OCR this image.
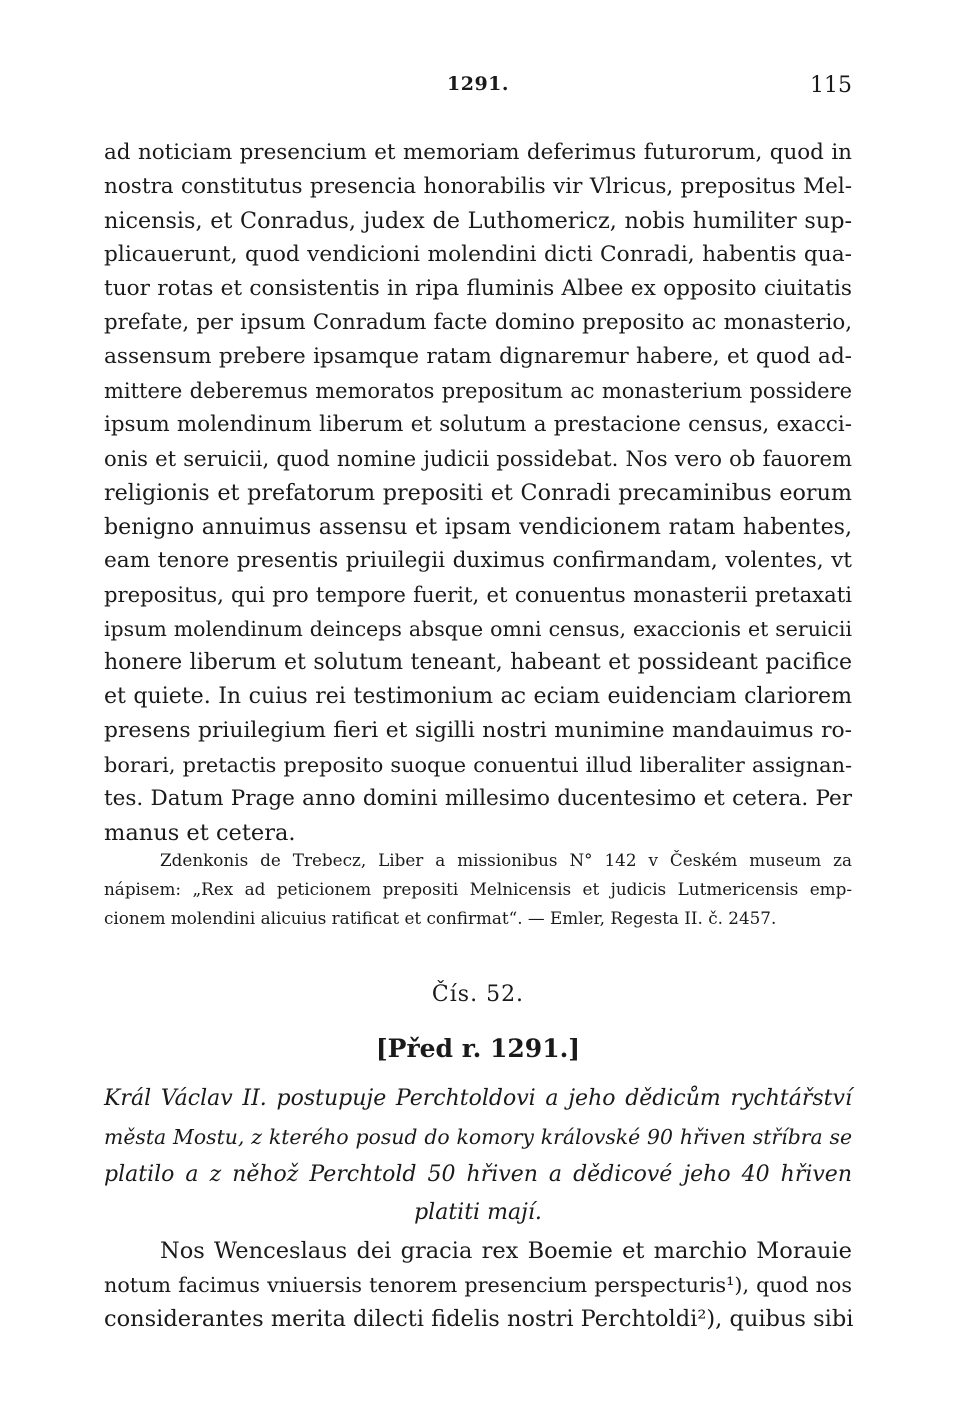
1291.	115
ad noticiam presencium et memoriam deferimus futurorum, quod in
nostra constitutus presencia honorabilis vir Vlricus, prepositus Mel-
nicensis, et Conradus, judex de Luthomericz, nobis humiliter sup-
plicauerunt, quod vendicioni molendini dicti Conradi, habentis qua-
tuor rotas et consistentis in ripa fluminis Albee ex opposito ciuitatis
prefate, per ipsum Conradum facte domino preposito ac monasterio,
assensum prebere ipsamque ratam dignaremur habere, et quod ad-
mittere deberemus memoratos prepositum ac monasterium possidere
ipsum molendinum liberum et solutum a prestacione census, exacci-
onis et seruicii, quod nomine judicii possidebat. Nos vero ob fauorem
religionis et prefatorum prepositi et Conradi precaminibus eorum
benigno annuimus assensu et ipsam vendicionem ratam habentes,
eam tenore presentis priuilegii duximus confirmandam, volentes, vt
prepositus, qui pro tempore fuerit, et conuentus monasterii pretaxati
ipsum molendinum deinceps absque omni census, exaccionis et seruicii
honere liberum et solutum teneant, habeant et possideant pacifice
et quiete. In cuius rei testimonium ac eciam euidenciam clariorem
presens priuilegium fieri et sigilli nostri munimine mandauimus ro-
borari, pretactis preposito suoque conuentui illud liberaliter assignan-
tes. Datum Prage anno domini millesimo ducentesimo et cetera. Per
manus et cetera.
Zdenkonis de Trebecz, Liber a missionibus N° 142 v Českém museum za
nápisem: „Rex ad peticionem prepositi Melnicensis et judicis Lutmericensis emp-
cionem molendini alicuius ratificat et confirmat“. — Emler, Regesta II. č. 2457.
Čís. 52.
[Před r. 1291.]
Král Václav II. postupuje Perchtoldovi a jeho dědicům rychtářství
města Mostu, z kterého posud do komory královské 90 hřiven stříbra se
platilo a z něhož Perchtold 50 hřiven a dědicové jeho 40 hřiven
platiti mají.
Nos Wenceslaus dei gracia rex Boemie et marchio Morauie
notum facimus vniuersis tenorem presencium perspecturis¹), quod nos
considerantes merita dilecti fidelis nostri Perchtoldi²), quibus sibi
